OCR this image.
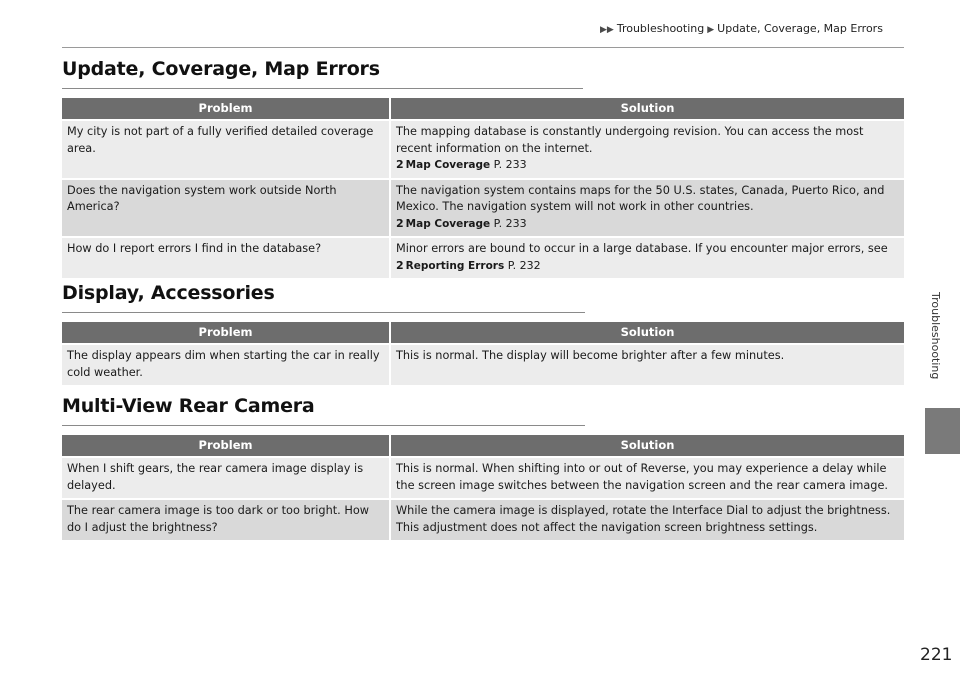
▶▶ Troubleshooting ▶ Update, Coverage, Map Errors
Update, Coverage, Map Errors
Problem	Solution
My city is not part of a fully verified detailed coverage area.	The mapping database is constantly undergoing revision. You can access the most recent information on the internet.
2 Map Coverage P. 233

Does the navigation system work outside North America?	The navigation system contains maps for the 50 U.S. states, Canada, Puerto Rico, and Mexico. The navigation system will not work in other countries.
2 Map Coverage P. 233

How do I report errors I find in the database?	Minor errors are bound to occur in a large database. If you encounter major errors, see
2 Reporting Errors P. 232
Display, Accessories
Problem	Solution
The display appears dim when starting the car in really cold weather.	This is normal. The display will become brighter after a few minutes.
Multi-View Rear Camera
Problem	Solution
When I shift gears, the rear camera image display is delayed.	This is normal. When shifting into or out of Reverse, you may experience a delay while the screen image switches between the navigation screen and the rear camera image.
The rear camera image is too dark or too bright. How do I adjust the brightness?	While the camera image is displayed, rotate the Interface Dial to adjust the brightness. This adjustment does not affect the navigation screen brightness settings.
Troubleshooting
221
